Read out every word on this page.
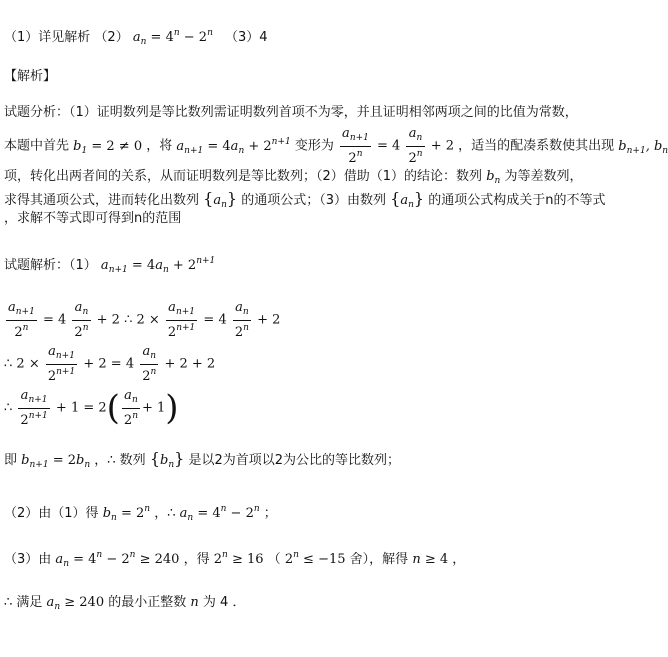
（1）详见解析 （2） $a_n = 4^n - 2^n$ （3）4
【解析】
试题分析：（1）证明数列是等比数列需证明数列首项不为零，并且证明相邻两项之间的比值为常数，
本题中首先 $b_1 = 2 \ne 0$ ，将 $a_{n+1} = 4a_n + 2^{n+1}$ 变形为 $\frac{a_{n+1}}{2^n} = 4 \frac{a_n}{2^n} + 2$ ，适当的配凑系数使其出现 $b_{n+1}$, $b_n$
项，转化出两者间的关系，从而证明数列是等比数列；（2）借助（1）的结论：数列 $b_n$ 为等差数列，
求得其通项公式，进而转化出数列 $\{a_n\}$ 的通项公式；（3）由数列 $\{a_n\}$ 的通项公式构成关于n的不等式
，求解不等式即可得到n的范围
试题解析：（1） $a_{n+1} = 4a_n + 2^{n+1}$
$\frac{a_{n+1}}{2^n} = 4 \frac{a_n}{2^n} + 2$ ∴ $2 \times \frac{a_{n+1}}{2^{n+1}} = 4 \frac{a_n}{2^n} + 2$
∴ $2 \times \frac{a_{n+1}}{2^{n+1}} + 2 = 4 \frac{a_n}{2^n} + 2 + 2$
∴ $\frac{a_{n+1}}{2^{n+1}} + 1 = 2( \frac{a_n}{2^n} + 1)$
即 $b_{n+1} = 2b_n$ ，∴ 数列 $\{b_n\}$ 是以2为首项以2为公比的等比数列；
（2）由（1）得 $b_n = 2^n$ ，∴ $a_n = 4^n - 2^n$ ；
（3）由 $a_n = 4^n - 2^n \ge 240$ ，得 $2^n \ge 16$ （ $2^n \le -15$ 舍），解得 n ≥ 4 ，
∴ 满足 $a_n \ge 240$ 的最小正整数 n 为 4 ．
